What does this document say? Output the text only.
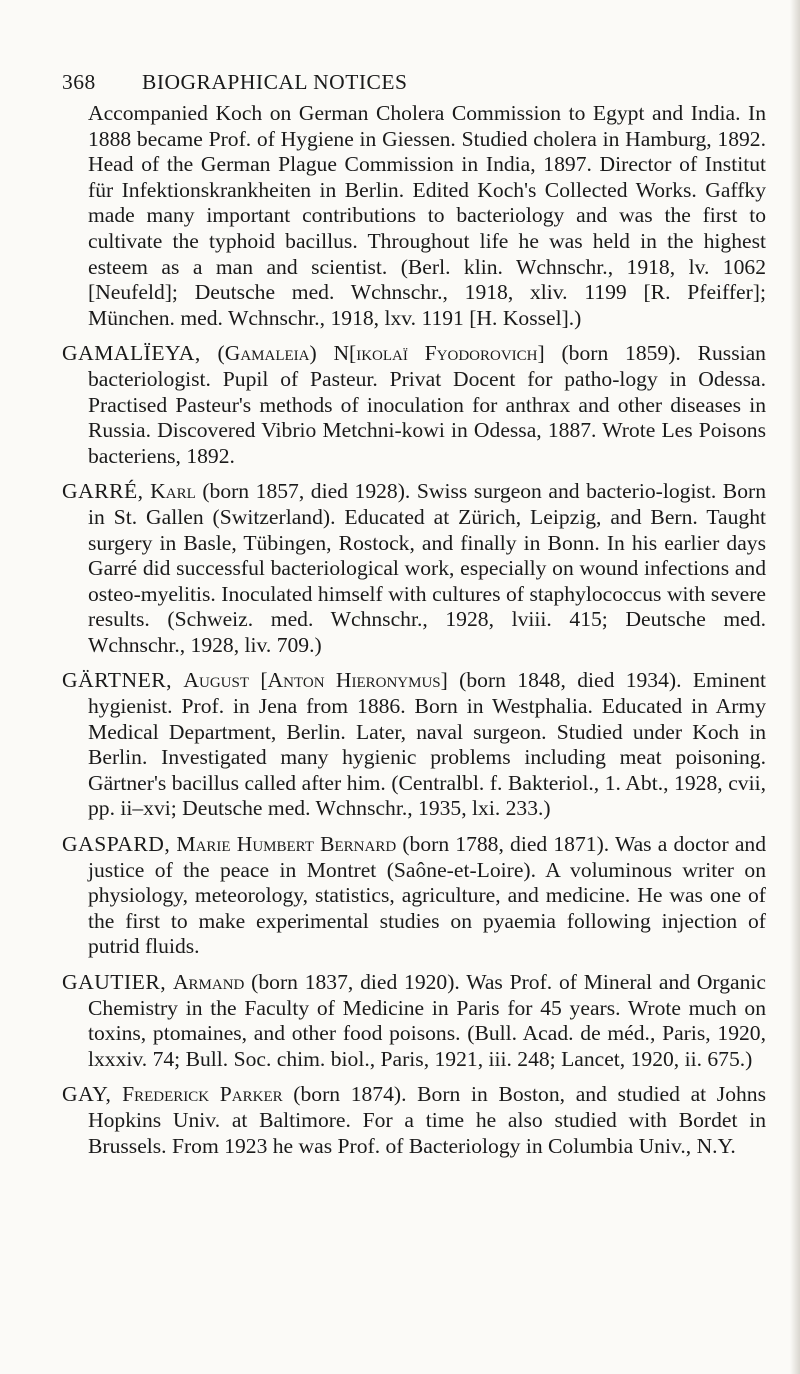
368	BIOGRAPHICAL NOTICES

Accompanied Koch on German Cholera Commission to Egypt and India. In 1888 became Prof. of Hygiene in Giessen. Studied cholera in Hamburg, 1892. Head of the German Plague Commission in India, 1897. Director of Institut für Infektionskrankheiten in Berlin. Edited Koch's Collected Works. Gaffky made many important contributions to bacteriology and was the first to cultivate the typhoid bacillus. Throughout life he was held in the highest esteem as a man and scientist. (Berl. klin. Wchnschr., 1918, lv. 1062 [Neufeld]; Deutsche med. Wchnschr., 1918, xliv. 1199 [R. Pfeiffer]; München. med. Wchnschr., 1918, lxv. 1191 [H. Kossel].)

GAMALÏEYA, (Gamaleia) N[ikolaï Fyodorovich] (born 1859). Russian bacteriologist. Pupil of Pasteur. Privat Docent for patho-logy in Odessa. Practised Pasteur's methods of inoculation for anthrax and other diseases in Russia. Discovered Vibrio Metchni-kowi in Odessa, 1887. Wrote Les Poisons bacteriens, 1892.

GARRÉ, Karl (born 1857, died 1928). Swiss surgeon and bacterio-logist. Born in St. Gallen (Switzerland). Educated at Zürich, Leipzig, and Bern. Taught surgery in Basle, Tübingen, Rostock, and finally in Bonn. In his earlier days Garré did successful bacteriological work, especially on wound infections and osteo-myelitis. Inoculated himself with cultures of staphylococcus with severe results. (Schweiz. med. Wchnschr., 1928, lviii. 415; Deutsche med. Wchnschr., 1928, liv. 709.)

GÄRTNER, August [Anton Hieronymus] (born 1848, died 1934). Eminent hygienist. Prof. in Jena from 1886. Born in Westphalia. Educated in Army Medical Department, Berlin. Later, naval surgeon. Studied under Koch in Berlin. Investigated many hygienic problems including meat poisoning. Gärtner's bacillus called after him. (Centralbl. f. Bakteriol., 1. Abt., 1928, cvii, pp. ii–xvi; Deutsche med. Wchnschr., 1935, lxi. 233.)

GASPARD, Marie Humbert Bernard (born 1788, died 1871). Was a doctor and justice of the peace in Montret (Saône-et-Loire). A voluminous writer on physiology, meteorology, statistics, agriculture, and medicine. He was one of the first to make experimental studies on pyaemia following injection of putrid fluids.

GAUTIER, Armand (born 1837, died 1920). Was Prof. of Mineral and Organic Chemistry in the Faculty of Medicine in Paris for 45 years. Wrote much on toxins, ptomaines, and other food poisons. (Bull. Acad. de méd., Paris, 1920, lxxxiv. 74; Bull. Soc. chim. biol., Paris, 1921, iii. 248; Lancet, 1920, ii. 675.)

GAY, Frederick Parker (born 1874). Born in Boston, and studied at Johns Hopkins Univ. at Baltimore. For a time he also studied with Bordet in Brussels. From 1923 he was Prof. of Bacteriology in Columbia Univ., N.Y.
